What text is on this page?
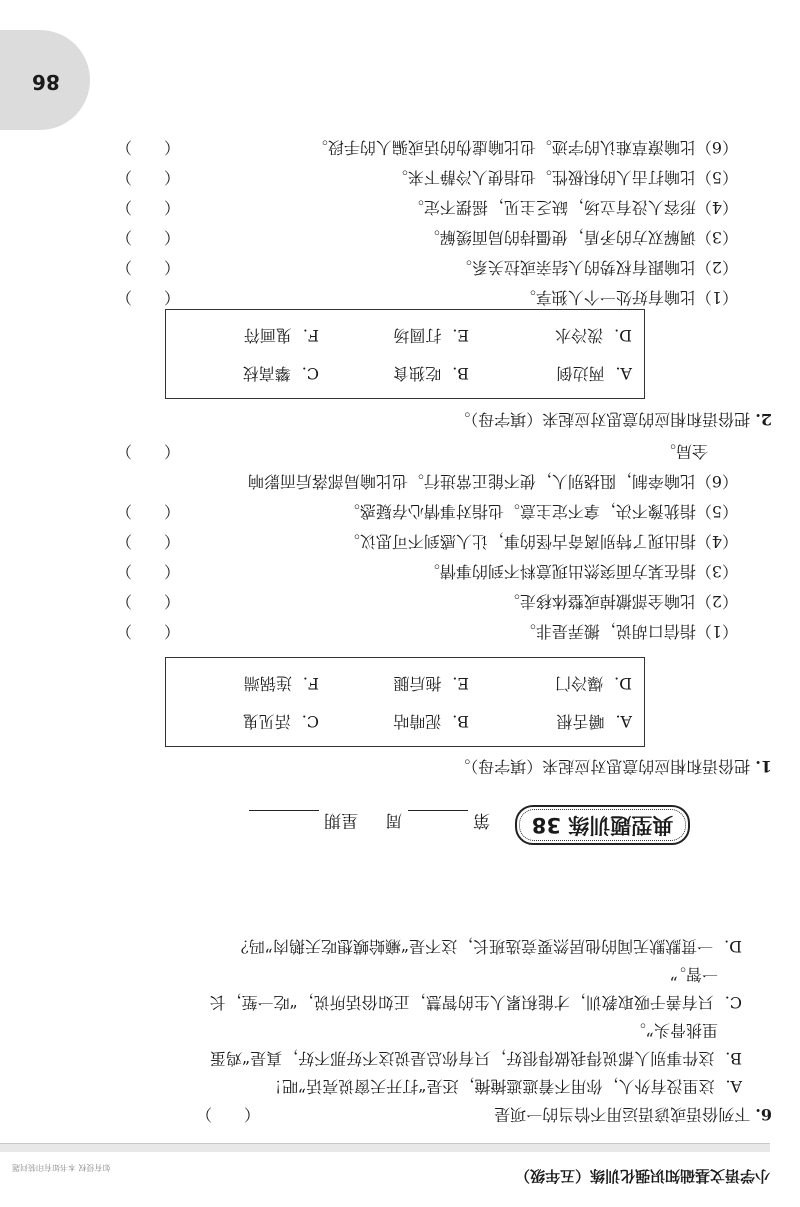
小学语文基础知识强化训练（五年级）
如有侵权 本书如有印装问题
6. 下列俗语或谚语运用不恰当的一项是
（　　）
A．这里没有外人，你用不着遮遮掩掩，还是“打开天窗说亮话”吧！
B．这件事别人都说得我做得很好，只有你总是说这不好那不好，真是“鸡蛋
里挑骨头”。
C．只有善于吸取教训，才能积累人生的智慧，正如俗话所说，“吃一堑，长
一智。”
D．一贯默默无闻的他居然要竞选班长，这不是“癞蛤蟆想吃天鹅肉”吗？
典型题训练 38
第  周     星期
1. 把俗语和相应的意思对应起来（填字母）。
A．嚼舌根
B．泥啃咕
C．活见鬼
D．爆冷门
E．拖后腿
F．连锅端
（1）指信口胡说，搬弄是非。
（　　）
（2）比喻全部撤掉或整体移走。
（　　）
（3）指在某方面突然出现意料不到的事情。
（　　）
（4）指出现了特别离奇古怪的事，让人感到不可思议。
（　　）
（5）指犹豫不决，拿不定主意。也指对事情心存疑惑。
（　　）
（6）比喻牵制，阻挠别人，使不能正常进行。也比喻局部落后而影响
全局。
（　　）
2. 把俗语和相应的意思对应起来（填字母）。
A．两边倒
B．吃独食
C．攀高枝
D．泼冷水
E．打圆场
F．鬼画符
（1）比喻有好处一个人独享。
（　　）
（2）比喻跟有权势的人结亲或拉关系。
（　　）
（3）调解双方的矛盾，使僵持的局面缓解。
（　　）
（4）形容人没有立场，缺乏主见，摇摆不定。
（　　）
（5）比喻打击人的积极性。也指使人冷静下来。
（　　）
（6）比喻潦草难认的字迹。也比喻虚伪的话或骗人的手段。
（　　）
86
